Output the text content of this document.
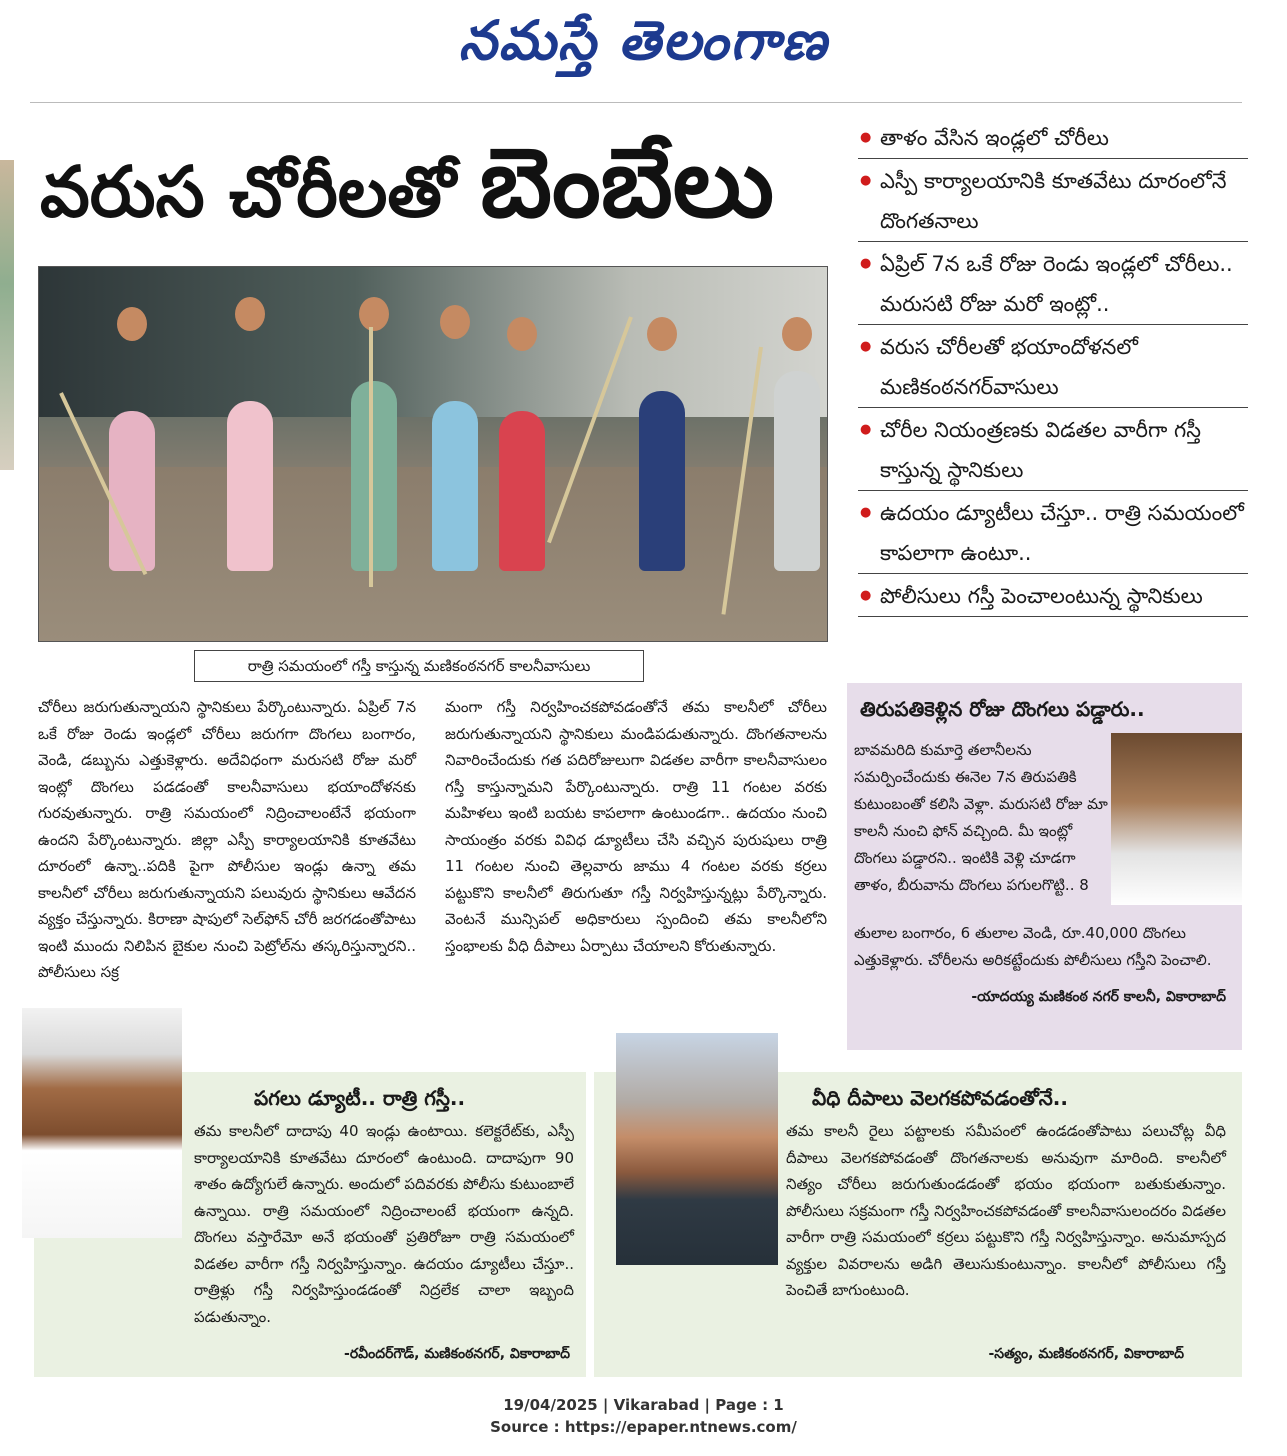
నమస్తే తెలంగాణ
వరుస చోరీలతో బెంబేలు
రాత్రి సమయంలో గస్తీ కాస్తున్న మణికంఠనగర్ కాలనీవాసులు
● తాళం వేసిన ఇండ్లలో చోరీలు
● ఎస్పీ కార్యాలయానికి కూతవేటు దూరంలోనే దొంగతనాలు
● ఏప్రిల్ 7న ఒకే రోజు రెండు ఇండ్లలో చోరీలు.. మరుసటి రోజు మరో ఇంట్లో..
● వరుస చోరీలతో భయాందోళనలో మణికంఠనగర్‌వాసులు
● చోరీల నియంత్రణకు విడతల వారీగా గస్తీ కాస్తున్న స్థానికులు
● ఉదయం డ్యూటీలు చేస్తూ.. రాత్రి సమయంలో కాపలాగా ఉంటూ..
● పోలీసులు గస్తీ పెంచాలంటున్న స్థానికులు
చోరీలు జరుగుతున్నాయని స్థానికులు పేర్కొంటున్నారు. ఏప్రిల్ 7న ఒకే రోజు రెండు ఇండ్లలో చోరీలు జరుగగా దొంగలు బంగారం, వెండి, డబ్బును ఎత్తుకెళ్లారు. అదేవిధంగా మరుసటి రోజు మరో ఇంట్లో దొంగలు పడడంతో కాలనీవాసులు భయాందోళనకు గురవుతున్నారు. రాత్రి సమయంలో నిద్రించాలంటేనే భయంగా ఉందని పేర్కొంటున్నారు. జిల్లా ఎస్పీ కార్యాలయానికి కూతవేటు దూరంలో ఉన్నా..పదికి పైగా పోలీసుల ఇండ్లు ఉన్నా తమ కాలనీలో చోరీలు జరుగుతున్నాయని పలువురు స్థానికులు ఆవేదన వ్యక్తం చేస్తున్నారు. కిరాణా షాపులో సెల్‌ఫోన్ చోరీ జరగడంతోపాటు ఇంటి ముందు నిలిపిన బైకుల నుంచి పెట్రోల్‌ను తస్కరిస్తున్నారని.. పోలీసులు సక్ర
మంగా గస్తీ నిర్వహించకపోవడంతోనే తమ కాలనీలో చోరీలు జరుగుతున్నాయని స్థానికులు మండిపడుతున్నారు. దొంగతనాలను నివారించేందుకు గత పదిరోజులుగా విడతల వారీగా కాలనీవాసులం గస్తీ కాస్తున్నామని పేర్కొంటున్నారు. రాత్రి 11 గంటల వరకు మహిళలు ఇంటి బయట కాపలాగా ఉంటుండగా.. ఉదయం నుంచి సాయంత్రం వరకు వివిధ డ్యూటీలు చేసి వచ్చిన పురుషులు రాత్రి 11 గంటల నుంచి తెల్లవారు జాము 4 గంటల వరకు కర్రలు పట్టుకొని కాలనీలో తిరుగుతూ గస్తీ నిర్వహిస్తున్నట్లు పేర్కొన్నారు. వెంటనే మున్సిపల్ అధికారులు స్పందించి తమ కాలనీలోని స్తంభాలకు వీధి దీపాలు ఏర్పాటు చేయాలని కోరుతున్నారు.
తిరుపతికెళ్లిన రోజు దొంగలు పడ్డారు..
బావమరిది కుమార్తె తలానీలను సమర్పించేందుకు ఈనెల 7న తిరుపతికి కుటుంబంతో కలిసి వెళ్లా. మరుసటి రోజు మా కాలనీ నుంచి ఫోన్ వచ్చింది. మీ ఇంట్లో దొంగలు పడ్డారని.. ఇంటికి వెళ్లి చూడగా తాళం, బీరువాను దొంగలు పగులగొట్టి.. 8
తులాల బంగారం, 6 తులాల వెండి, రూ.40,000 దొంగలు ఎత్తుకెళ్లారు. చోరీలను అరికట్టేందుకు పోలీసులు గస్తీని పెంచాలి.
-యాదయ్య మణికంఠ నగర్ కాలనీ, వికారాబాద్
పగలు డ్యూటీ.. రాత్రి గస్తీ..
తమ కాలనీలో దాదాపు 40 ఇండ్లు ఉంటాయి. కలెక్టరేట్‌కు, ఎస్పీ కార్యాలయానికి కూతవేటు దూరంలో ఉంటుంది. దాదాపుగా 90 శాతం ఉద్యోగులే ఉన్నారు. అందులో పదివరకు పోలీసు కుటుంబాలే ఉన్నాయి. రాత్రి సమయంలో నిద్రించాలంటే భయంగా ఉన్నది. దొంగలు వస్తారేమో అనే భయంతో ప్రతిరోజూ రాత్రి సమయంలో విడతల వారీగా గస్తీ నిర్వహిస్తున్నాం. ఉదయం డ్యూటీలు చేస్తూ.. రాత్రిళ్లు గస్తీ నిర్వహిస్తుండడంతో నిద్రలేక చాలా ఇబ్బంది పడుతున్నాం.
-రవీందర్‌గౌడ్, మణికంఠనగర్, వికారాబాద్
వీధి దీపాలు వెలగకపోవడంతోనే..
తమ కాలనీ రైలు పట్టాలకు సమీపంలో ఉండడంతోపాటు పలుచోట్ల వీధి దీపాలు వెలగకపోవడంతో దొంగతనాలకు అనువుగా మారింది. కాలనీలో నిత్యం చోరీలు జరుగుతుండడంతో భయం భయంగా బతుకుతున్నాం. పోలీసులు సక్రమంగా గస్తీ నిర్వహించకపోవడంతో కాలనీవాసులందరం విడతల వారీగా రాత్రి సమయంలో కర్రలు పట్టుకొని గస్తీ నిర్వహిస్తున్నాం. అనుమాస్పద వ్యక్తుల వివరాలను అడిగి తెలుసుకుంటున్నాం. కాలనీలో పోలీసులు గస్తీ పెంచితే బాగుంటుంది.
-సత్యం, మణికంఠనగర్, వికారాబాద్
19/04/2025 | Vikarabad | Page : 1
Source : https://epaper.ntnews.com/
